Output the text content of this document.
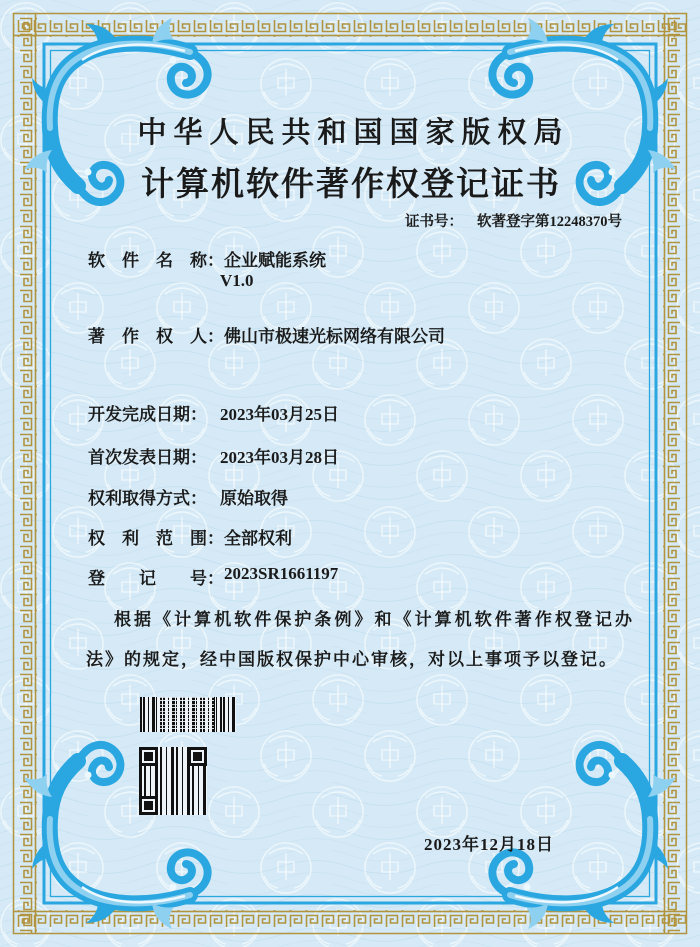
中华人民共和国国家版权局
计算机软件著作权登记证书
证书号： 软著登字第12248370号
软　件　名　称： 企业赋能系统
V1.0
著　作　权　人： 佛山市极速光标网络有限公司
开发完成日期： 2023年03月25日
首次发表日期： 2023年03月28日
权利取得方式： 原始取得
权　利　范　围： 全部权利
登　　记　　号： 2023SR1661197
根据《计算机软件保护条例》和《计算机软件著作权登记办法》的规定，经中国版权保护中心审核，对以上事项予以登记。
2023年12月18日
